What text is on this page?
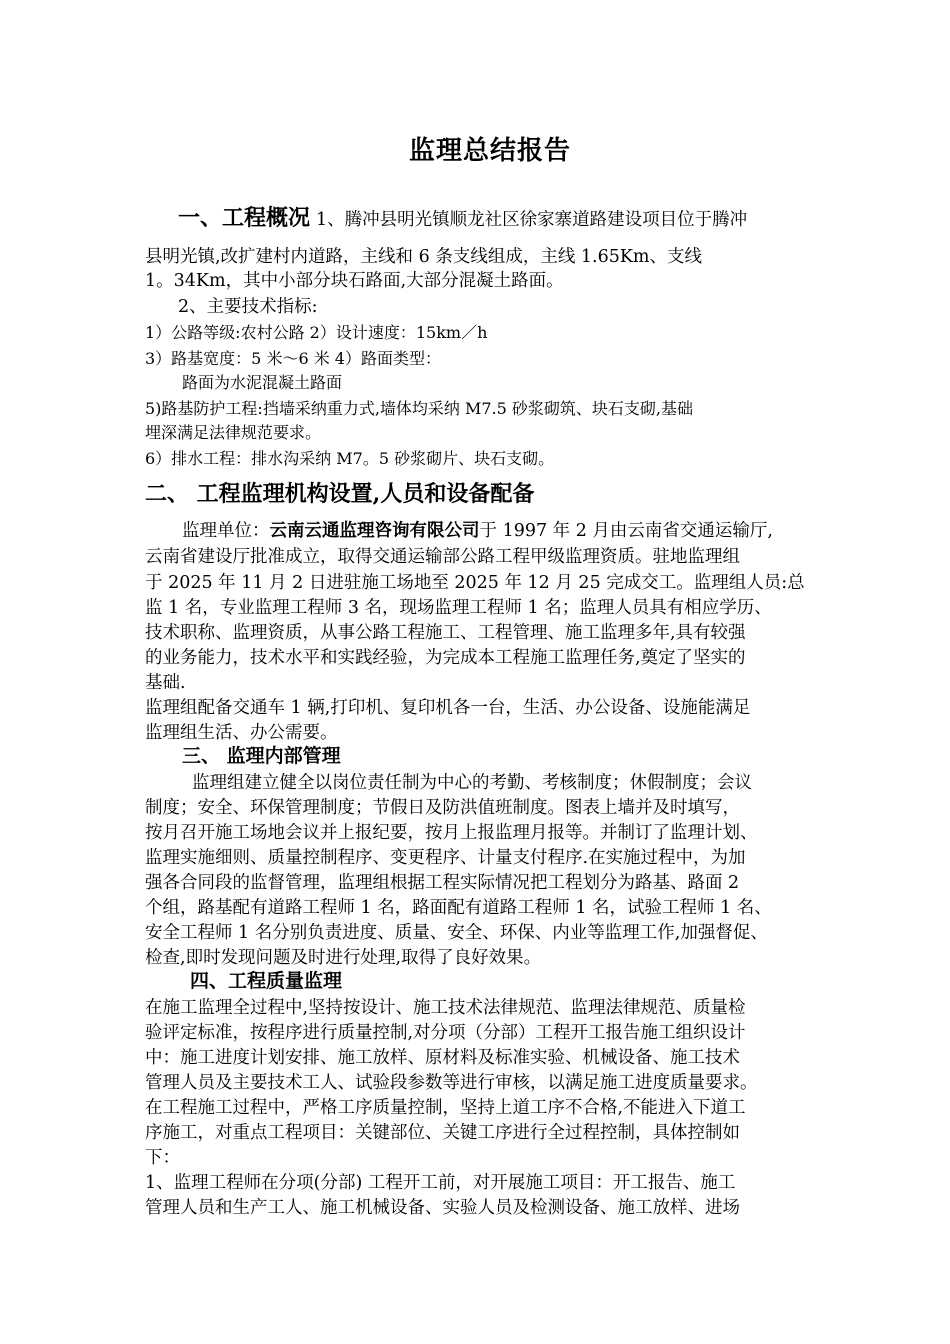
监理总结报告
一、工程概况 1、腾冲县明光镇顺龙社区徐家寨道路建设项目位于腾冲
县明光镇,改扩建村内道路，主线和 6 条支线组成，主线 1.65Km、支线
1。34Km，其中小部分块石路面,大部分混凝土路面。
2、主要技术指标:
1）公路等级:农村公路 2）设计速度：15km／h
3）路基宽度：5 米～6 米 4）路面类型：
路面为水泥混凝土路面
5)路基防护工程:挡墙采纳重力式,墙体均采纳 M7.5 砂浆砌筑、块石支砌,基础
埋深满足法律规范要求。
6）排水工程：排水沟采纳 M7。5 砂浆砌片、块石支砌。
二、 工程监理机构设置,人员和设备配备
监理单位：云南云通监理咨询有限公司于 1997 年 2 月由云南省交通运输厅,
云南省建设厅批准成立，取得交通运输部公路工程甲级监理资质。驻地监理组
于 2025 年 11 月 2 日进驻施工场地至 2025 年 12 月 25 完成交工。监理组人员:总
监 1 名，专业监理工程师 3 名，现场监理工程师 1 名；监理人员具有相应学历、
技术职称、监理资质，从事公路工程施工、工程管理、施工监理多年,具有较强
的业务能力，技术水平和实践经验，为完成本工程施工监理任务,奠定了坚实的
基础.
监理组配备交通车 1 辆,打印机、复印机各一台，生活、办公设备、设施能满足
监理组生活、办公需要。
三、 监理内部管理
监理组建立健全以岗位责任制为中心的考勤、考核制度；休假制度；会议
制度；安全、环保管理制度；节假日及防洪值班制度。图表上墙并及时填写，
按月召开施工场地会议并上报纪要，按月上报监理月报等。并制订了监理计划、
监理实施细则、质量控制程序、变更程序、计量支付程序.在实施过程中，为加
强各合同段的监督管理，监理组根据工程实际情况把工程划分为路基、路面 2
个组，路基配有道路工程师 1 名，路面配有道路工程师 1 名，试验工程师 1 名、
安全工程师 1 名分别负责进度、质量、安全、环保、内业等监理工作,加强督促、
检查,即时发现问题及时进行处理,取得了良好效果。
四、工程质量监理
在施工监理全过程中,坚持按设计、施工技术法律规范、监理法律规范、质量检
验评定标准，按程序进行质量控制,对分项（分部）工程开工报告施工组织设计
中：施工进度计划安排、施工放样、原材料及标准实验、机械设备、施工技术
管理人员及主要技术工人、试验段参数等进行审核，以满足施工进度质量要求。
在工程施工过程中，严格工序质量控制，坚持上道工序不合格,不能进入下道工
序施工，对重点工程项目：关键部位、关键工序进行全过程控制，具体控制如
下：
1、监理工程师在分项(分部) 工程开工前，对开展施工项目：开工报告、施工
管理人员和生产工人、施工机械设备、实验人员及检测设备、施工放样、进场
